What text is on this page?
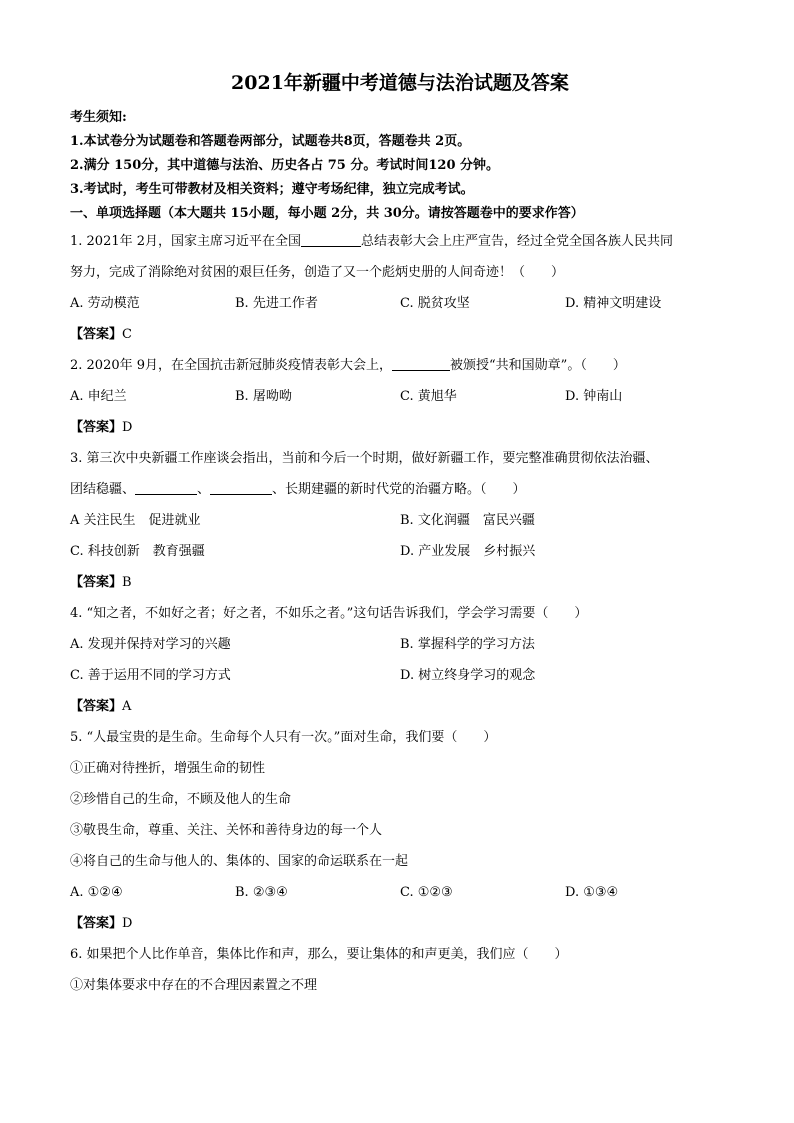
2021年新疆中考道德与法治试题及答案
考生须知:
1.本试卷分为试题卷和答题卷两部分，试题卷共8页，答题卷共 2页。
2.满分 150分，其中道德与法治、历史各占 75 分。考试时间120 分钟。
3.考试时，考生可带教材及相关资料；遵守考场纪律，独立完成考试。
一、单项选择题（本大题共 15小题，每小题 2分，共 30分。请按答题卷中的要求作答）
1. 2021年 2月，国家主席习近平在全国	总结表彰大会上庄严宣告，经过全党全国各族人民共同
努力，完成了消除绝对贫困的艰巨任务，创造了又一个彪炳史册的人间奇迹！（　　）
A. 劳动模范	B. 先进工作者	C. 脱贫攻坚	D. 精神文明建设
【答案】C
2. 2020年 9月，在全国抗击新冠肺炎疫情表彰大会上，	被颁授“共和国勋章”。（　　）
A. 申纪兰	B. 屠呦呦	C. 黄旭华	D. 钟南山
【答案】D
3. 第三次中央新疆工作座谈会指出，当前和今后一个时期，做好新疆工作，要完整准确贯彻依法治疆、
团结稳疆、	、	、长期建疆的新时代党的治疆方略。（　　）
A 关注民生　促进就业	B. 文化润疆　富民兴疆
C. 科技创新　教育强疆	D. 产业发展　乡村振兴
【答案】B
4. “知之者，不如好之者；好之者，不如乐之者。”这句话告诉我们，学会学习需要（　　）
A. 发现并保持对学习的兴趣	B. 掌握科学的学习方法
C. 善于运用不同的学习方式	D. 树立终身学习的观念
【答案】A
5. “人最宝贵的是生命。生命每个人只有一次。”面对生命，我们要（　　）
①正确对待挫折，增强生命的韧性
②珍惜自己的生命，不顾及他人的生命
③敬畏生命，尊重、关注、关怀和善待身边的每一个人
④将自己的生命与他人的、集体的、国家的命运联系在一起
A. ①②④	B. ②③④	C. ①②③	D. ①③④
【答案】D
6. 如果把个人比作单音，集体比作和声，那么，要让集体的和声更美，我们应（　　）
①对集体要求中存在的不合理因素置之不理
